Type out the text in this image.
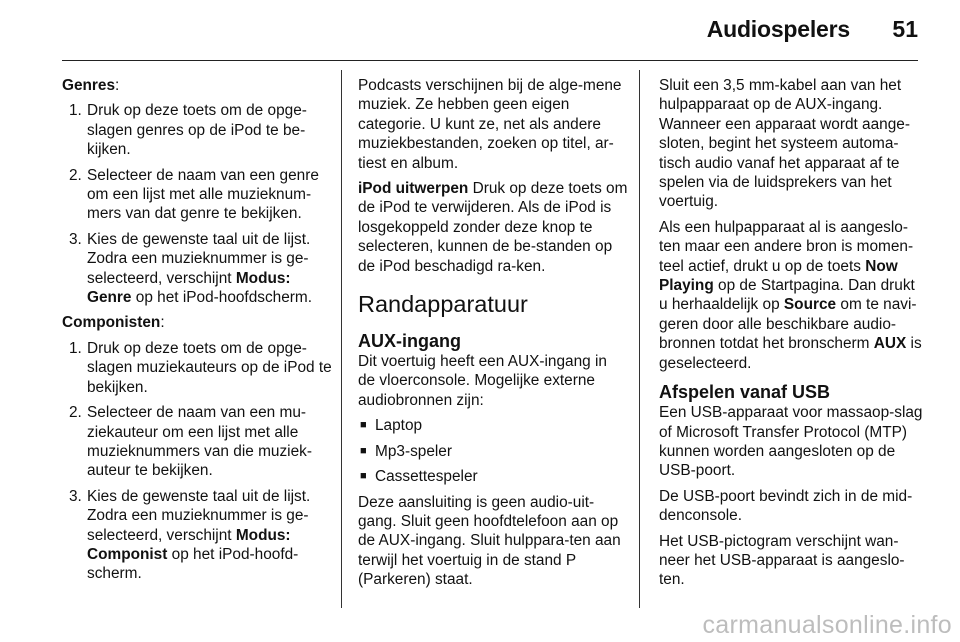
Audiospelers 51

Genres:

1. Druk op deze toets om de opge-slagen genres op de iPod te be-kijken.
2. Selecteer de naam van een genre om een lijst met alle muzieknum-mers van dat genre te bekijken.
3. Kies de gewenste taal uit de lijst. Zodra een muzieknummer is ge-selecteerd, verschijnt Modus: Genre op het iPod-hoofdscherm.

Componisten:

1. Druk op deze toets om de opge-slagen muziekauteurs op de iPod te bekijken.
2. Selecteer de naam van een mu-ziekauteur om een lijst met alle muzieknummers van die muziek-auteur te bekijken.
3. Kies de gewenste taal uit de lijst. Zodra een muzieknummer is ge-selecteerd, verschijnt Modus: Componist op het iPod-hoofd-scherm.

Podcasts verschijnen bij de alge-mene muziek. Ze hebben geen eigen categorie. U kunt ze, net als andere muziekbestanden, zoeken op titel, ar-tiest en album.

iPod uitwerpen Druk op deze toets om de iPod te verwijderen. Als de iPod is losgekoppeld zonder deze knop te selecteren, kunnen de be-standen op de iPod beschadigd ra-ken.

Randapparatuur
AUX-ingang

Dit voertuig heeft een AUX-ingang in de vloerconsole. Mogelijke externe audiobronnen zijn:

■ Laptop
■ Mp3-speler
■ Cassettespeler

Deze aansluiting is geen audio-uit-gang. Sluit geen hoofdtelefoon aan op de AUX-ingang. Sluit hulppara-ten aan terwijl het voertuig in de stand P (Parkeren) staat.

Sluit een 3,5 mm-kabel aan van het hulpapparaat op de AUX-ingang. Wanneer een apparaat wordt aange-sloten, begint het systeem automa-tisch audio vanaf het apparaat af te spelen via de luidsprekers van het voertuig.

Als een hulpapparaat al is aangeslo-ten maar een andere bron is momen-teel actief, drukt u op de toets Now Playing op de Startpagina. Dan drukt u herhaaldelijk op Source om te navi-geren door alle beschikbare audio-bronnen totdat het bronscherm AUX is geselecteerd.

Afspelen vanaf USB

Een USB-apparaat voor massaop-slag of Microsoft Transfer Protocol (MTP) kunnen worden aangesloten op de USB-poort.

De USB-poort bevindt zich in de mid-denconsole.

Het USB-pictogram verschijnt wan-neer het USB-apparaat is aangeslo-ten.

carmanualsonline.info
